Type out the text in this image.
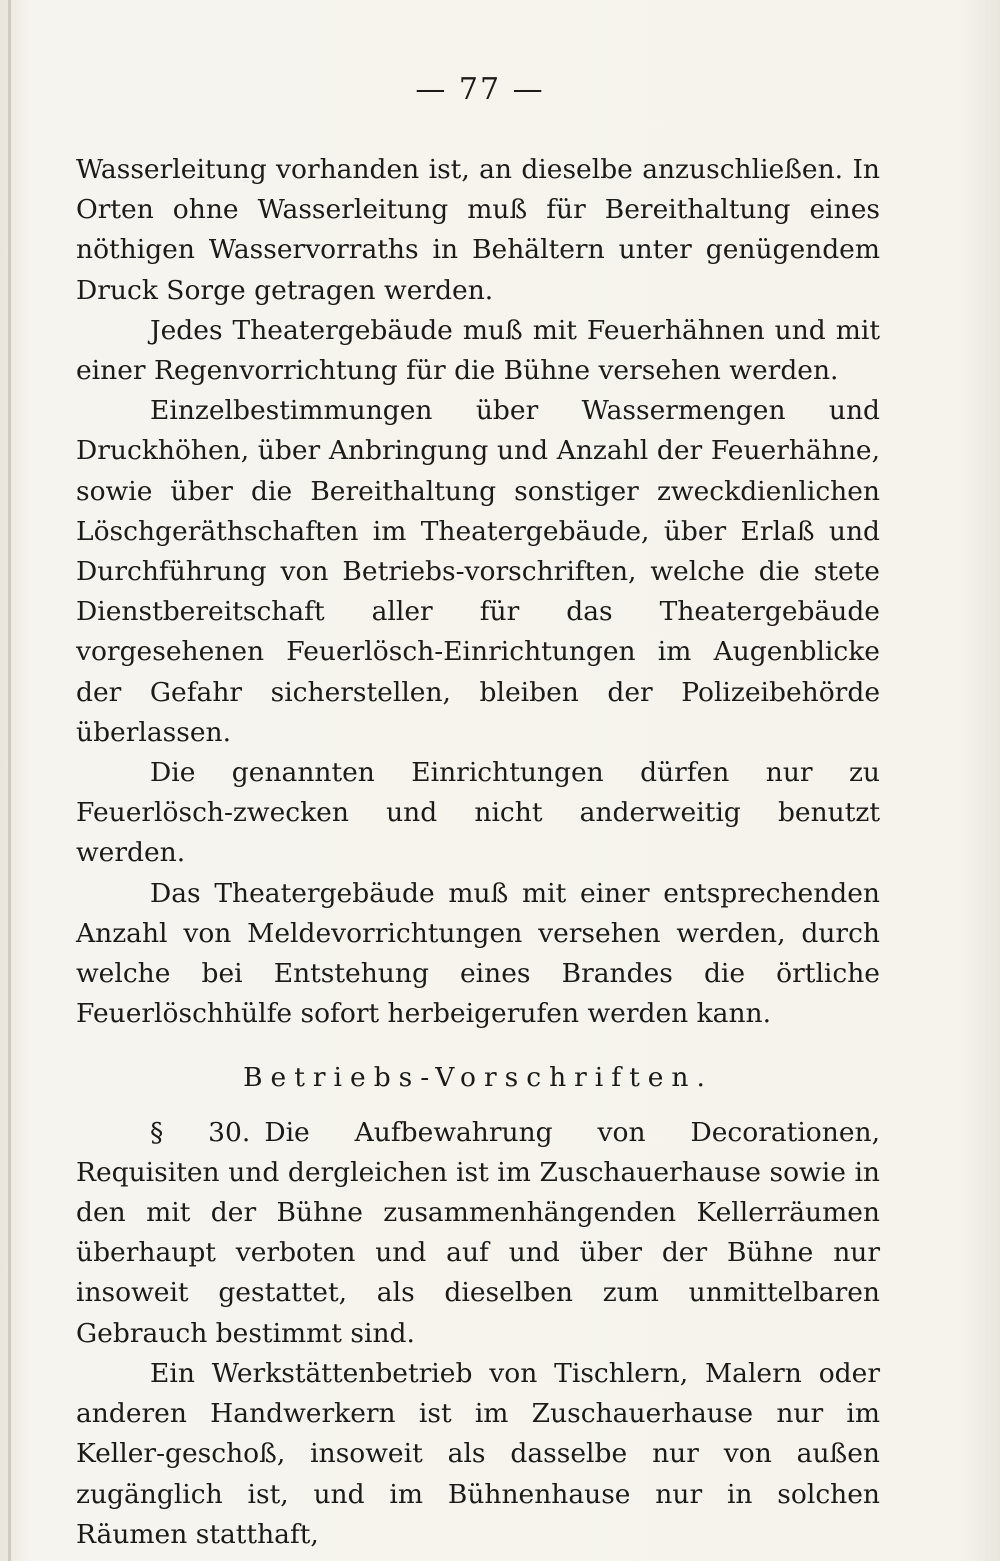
— 77 —

Wasserleitung vorhanden ist, an dieselbe anzuschließen. In Orten ohne Wasserleitung muß für Bereithaltung eines nöthigen Wasservorraths in Behältern unter genügendem Druck Sorge getragen werden.

Jedes Theatergebäude muß mit Feuerhähnen und mit einer Regenvorrichtung für die Bühne versehen werden.

Einzelbestimmungen über Wassermengen und Druckhöhen, über Anbringung und Anzahl der Feuerhähne, sowie über die Bereithaltung sonstiger zweckdienlichen Löschgeräthschaften im Theatergebäude, über Erlaß und Durchführung von Betriebs-vorschriften, welche die stete Dienstbereitschaft aller für das Theatergebäude vorgesehenen Feuerlösch-Einrichtungen im Augenblicke der Gefahr sicherstellen, bleiben der Polizeibehörde überlassen.

Die genannten Einrichtungen dürfen nur zu Feuerlösch-zwecken und nicht anderweitig benutzt werden.

Das Theatergebäude muß mit einer entsprechenden Anzahl von Meldevorrichtungen versehen werden, durch welche bei Entstehung eines Brandes die örtliche Feuerlöschhülfe sofort herbeigerufen werden kann.

Betriebs-Vorschriften.

§ 30. Die Aufbewahrung von Decorationen, Requisiten und dergleichen ist im Zuschauerhause sowie in den mit der Bühne zusammenhängenden Kellerräumen überhaupt verboten und auf und über der Bühne nur insoweit gestattet, als dieselben zum unmittelbaren Gebrauch bestimmt sind.

Ein Werkstättenbetrieb von Tischlern, Malern oder anderen Handwerkern ist im Zuschauerhause nur im Keller-geschoß, insoweit als dasselbe nur von außen zugänglich ist, und im Bühnenhause nur in solchen Räumen statthaft,
